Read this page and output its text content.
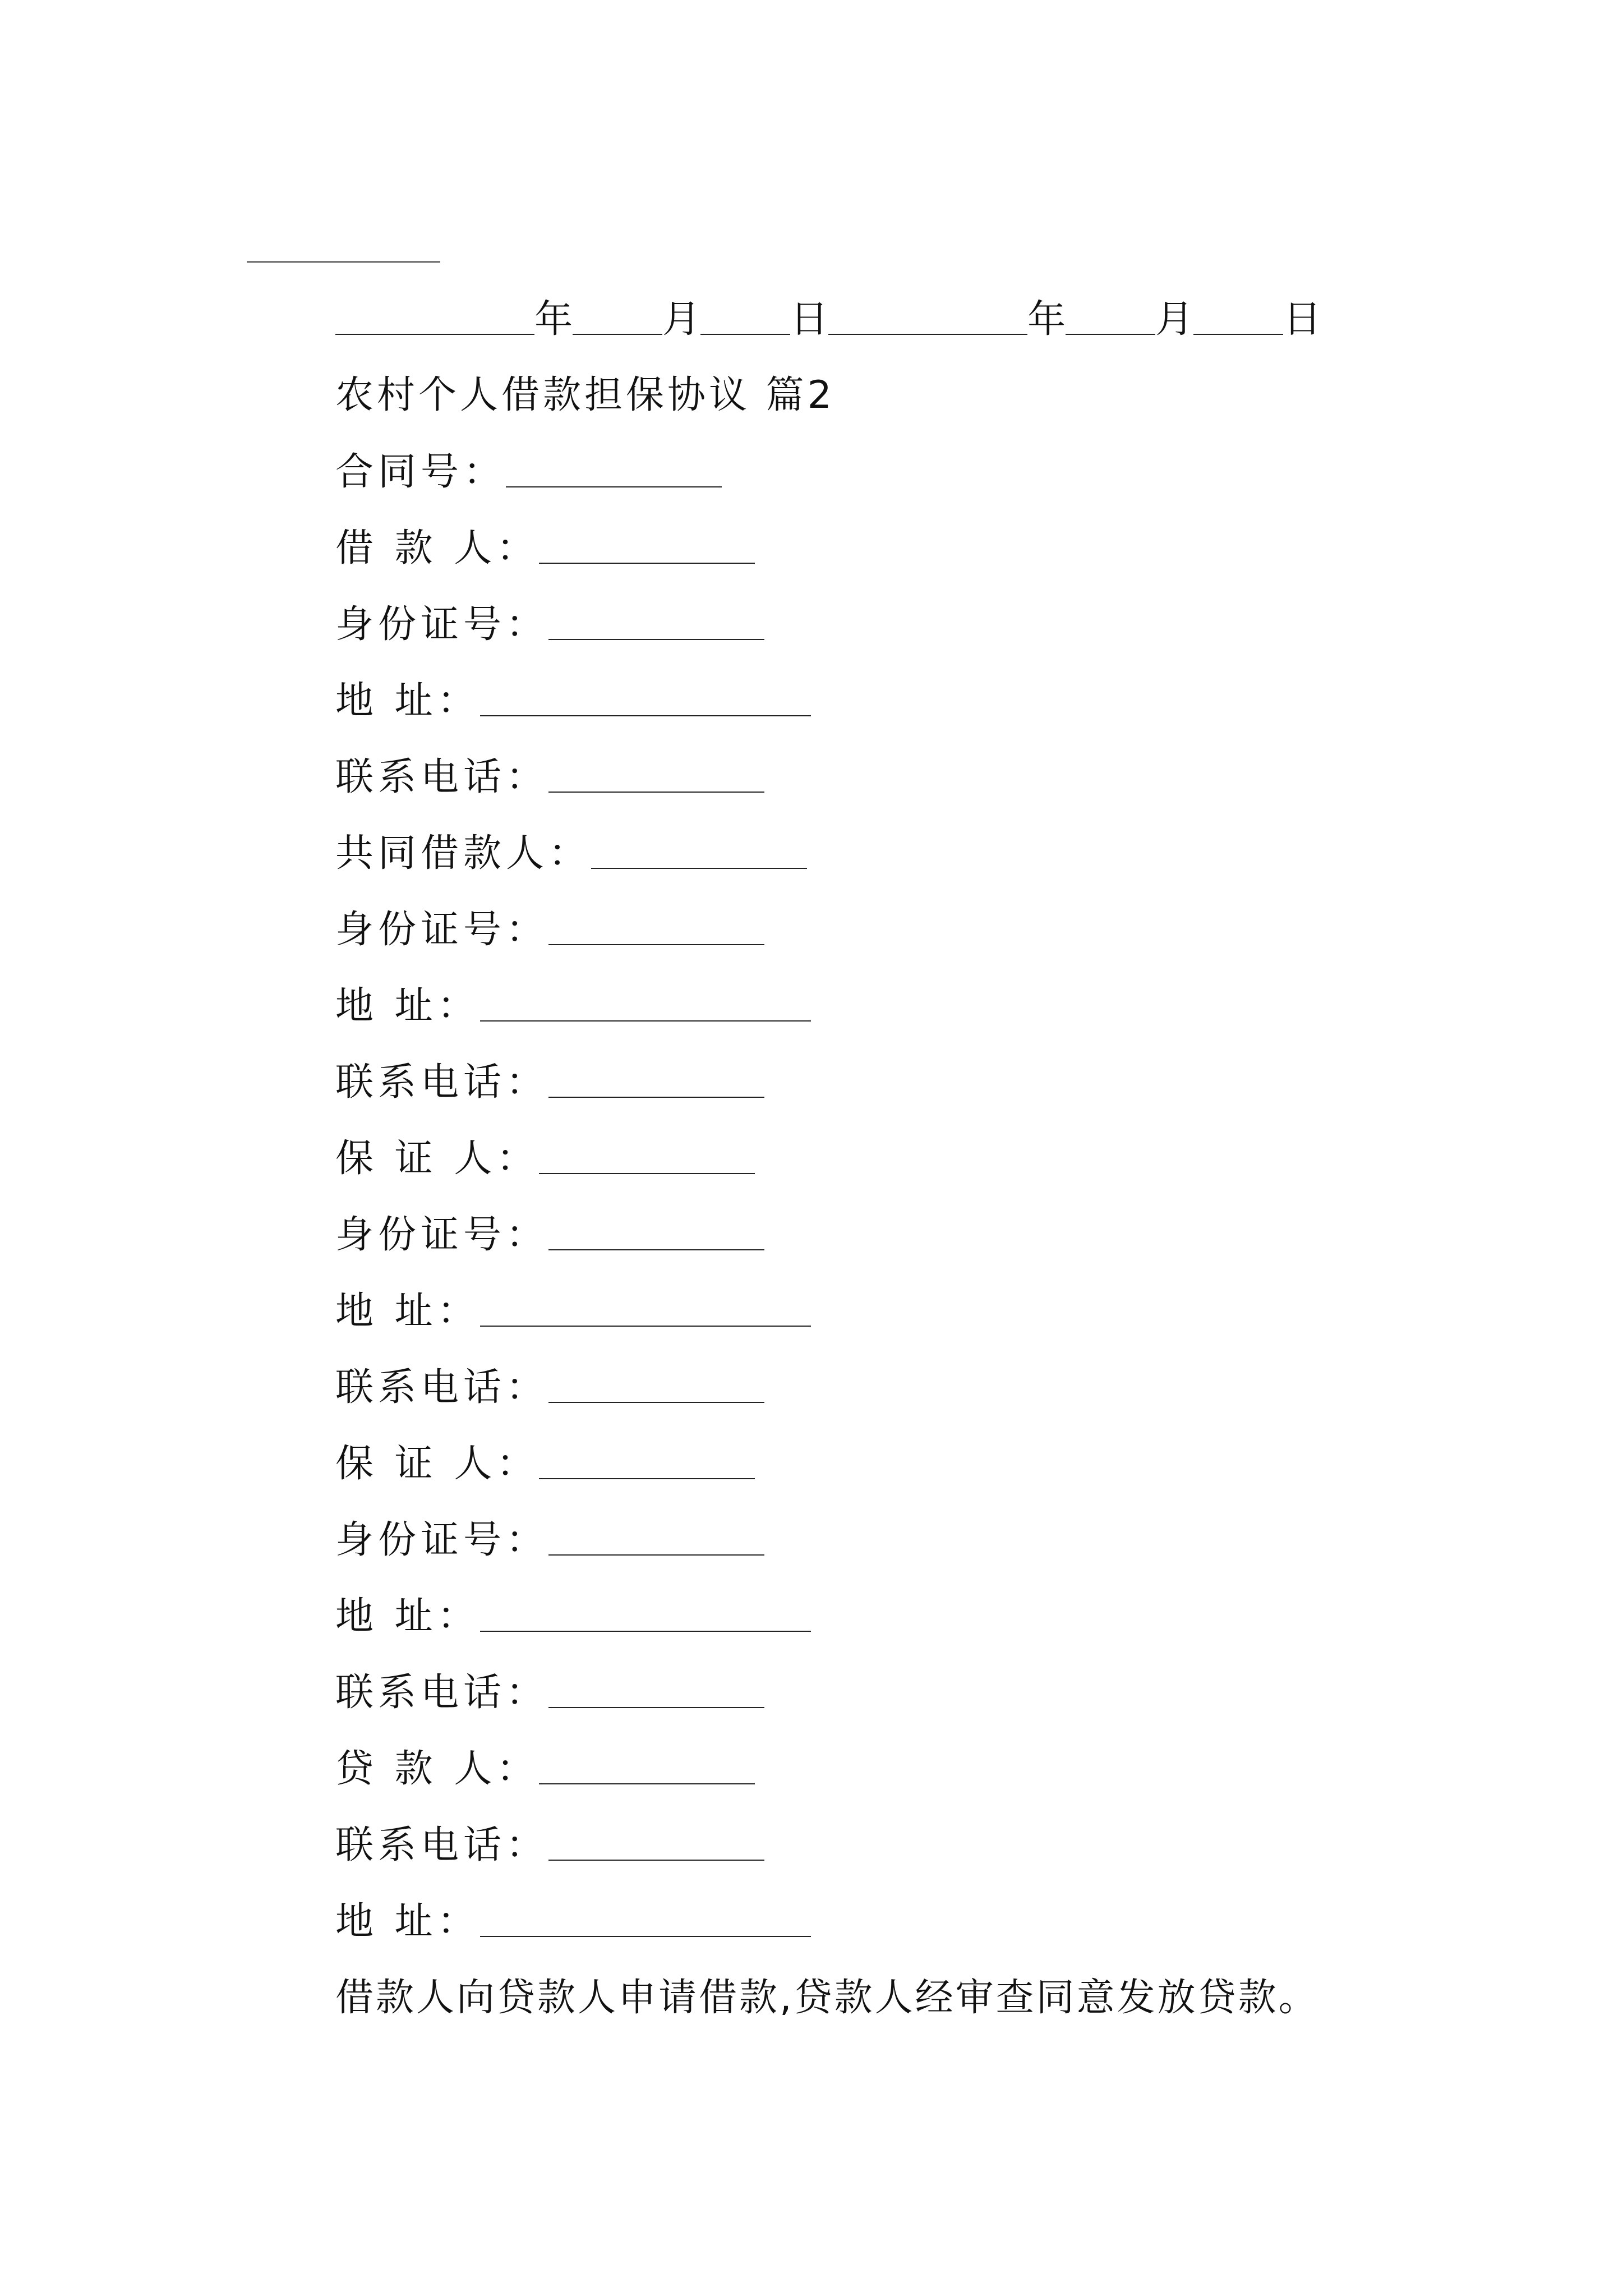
年 月 日	年 月 日
农村个人借款担保协议 篇2
合同号：
借 款 人：
身份证号：
地 址：
联系电话：
共同借款人：
身份证号：
地 址：
联系电话：
保 证 人：
身份证号：
地 址：
联系电话：
保 证 人：
身份证号：
地 址：
联系电话：
贷 款 人：
联系电话：
地 址：
借款人向贷款人申请借款,贷款人经审查同意发放贷款。
